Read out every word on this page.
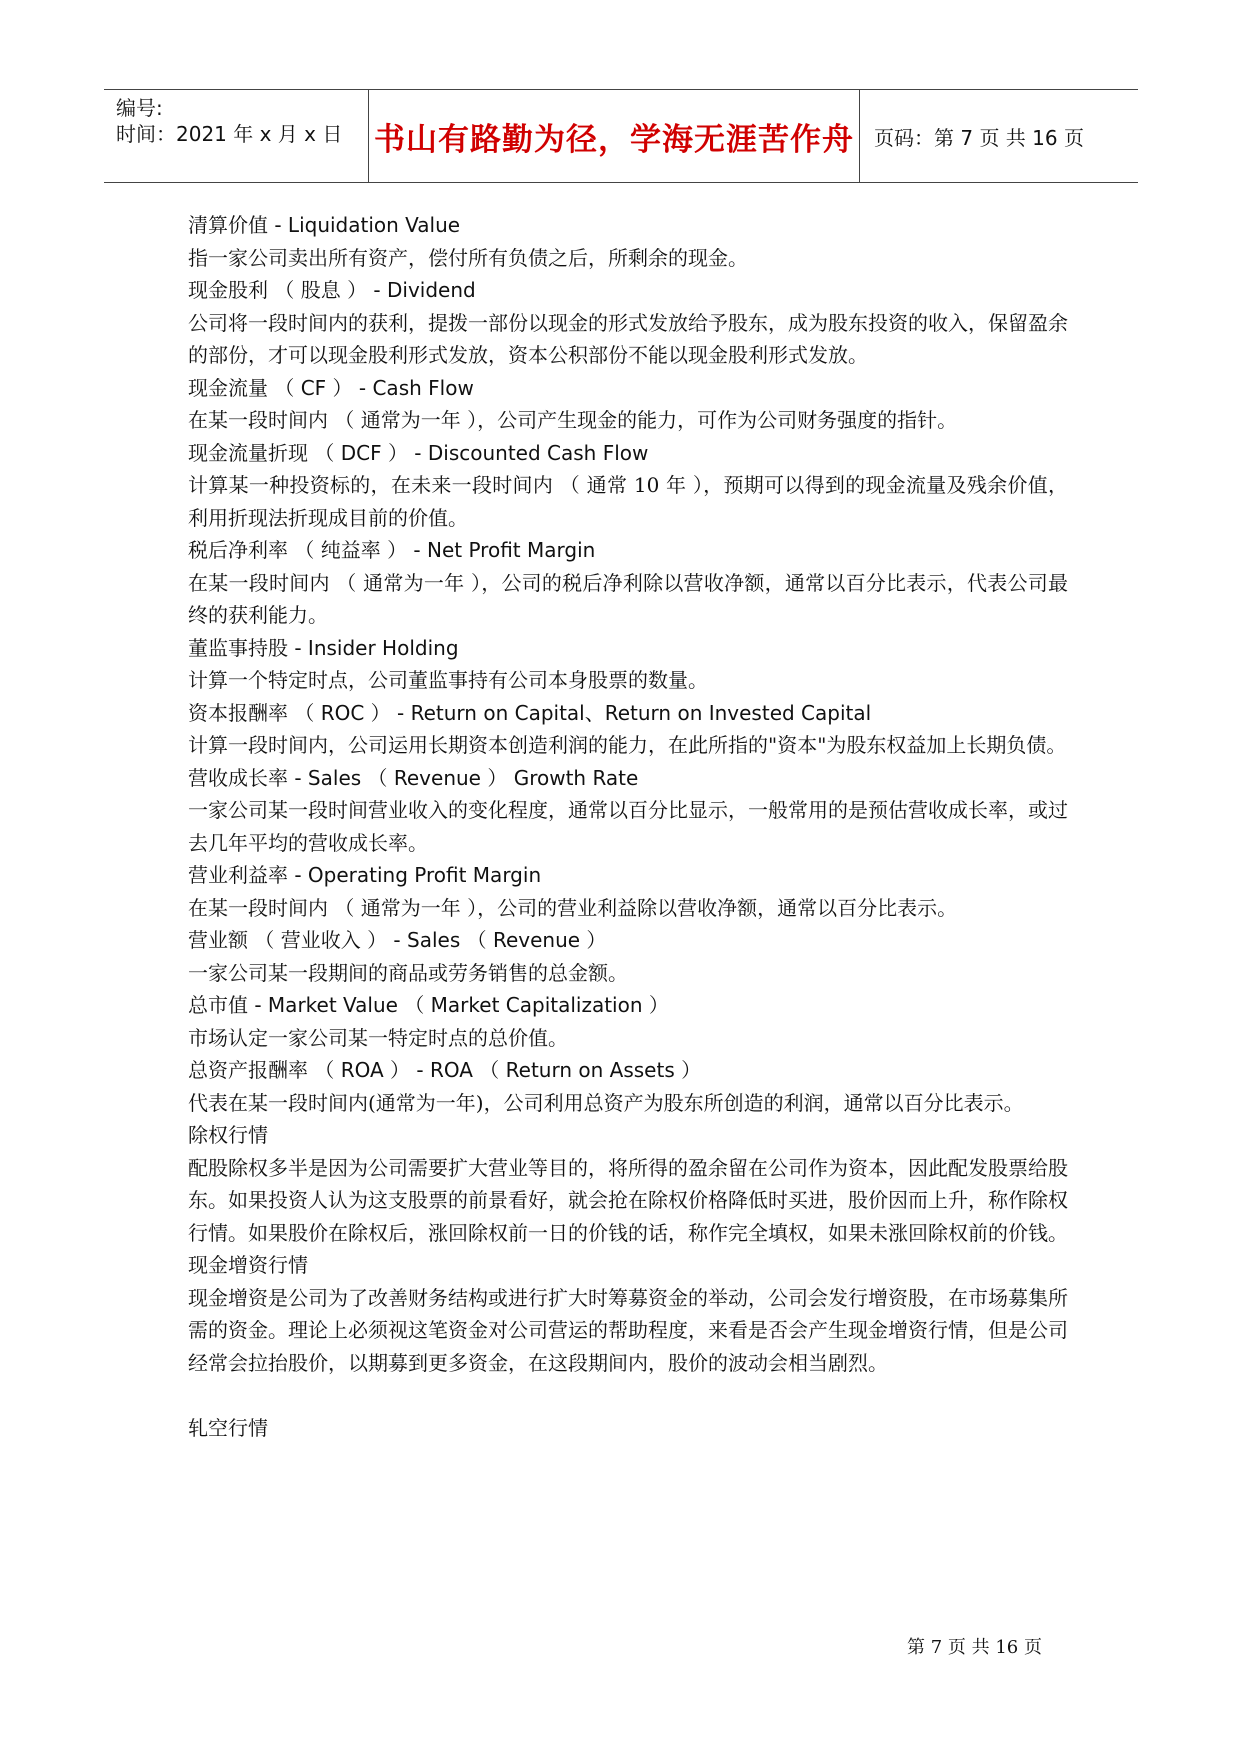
编号:
时间：2021 年 x 月 x 日 书山有路勤为径，学海无涯苦作舟 页码：第 7 页 共 16 页
清算价值 - Liquidation Value
指一家公司卖出所有资产，偿付所有负债之后，所剩余的现金。
现金股利 （ 股息 ） - Dividend
公司将一段时间内的获利，提拨一部份以现金的形式发放给予股东，成为股东投资的收入，保留盈余的部份，才可以现金股利形式发放，资本公积部份不能以现金股利形式发放。
现金流量 （ CF ） - Cash Flow
在某一段时间内 （ 通常为一年 ），公司产生现金的能力，可作为公司财务强度的指针。
现金流量折现 （ DCF ） - Discounted Cash Flow
计算某一种投资标的，在未来一段时间内 （ 通常 10 年 ），预期可以得到的现金流量及残余价值，利用折现法折现成目前的价值。
税后净利率 （ 纯益率 ） - Net Profit Margin
在某一段时间内 （ 通常为一年 ），公司的税后净利除以营收净额，通常以百分比表示，代表公司最终的获利能力。
董监事持股 - Insider Holding
计算一个特定时点，公司董监事持有公司本身股票的数量。
资本报酬率 （ ROC ） - Return on Capital、Return on Invested Capital
计算一段时间内，公司运用长期资本创造利润的能力，在此所指的"资本"为股东权益加上长期负债。
营收成长率 - Sales （ Revenue ） Growth Rate
一家公司某一段时间营业收入的变化程度，通常以百分比显示，一般常用的是预估营收成长率，或过去几年平均的营收成长率。
营业利益率 - Operating Profit Margin
在某一段时间内 （ 通常为一年 ），公司的营业利益除以营收净额，通常以百分比表示。
营业额 （ 营业收入 ） - Sales （ Revenue ）
一家公司某一段期间的商品或劳务销售的总金额。
总市值 - Market Value （ Market Capitalization ）
市场认定一家公司某一特定时点的总价值。
总资产报酬率 （ ROA ） - ROA （ Return on Assets ）
代表在某一段时间内(通常为一年)，公司利用总资产为股东所创造的利润，通常以百分比表示。
除权行情
配股除权多半是因为公司需要扩大营业等目的，将所得的盈余留在公司作为资本，因此配发股票给股东。如果投资人认为这支股票的前景看好，就会抢在除权价格降低时买进，股价因而上升，称作除权行情。如果股价在除权后，涨回除权前一日的价钱的话，称作完全填权，如果未涨回除权前的价钱。
现金增资行情
现金增资是公司为了改善财务结构或进行扩大时筹募资金的举动，公司会发行增资股，在市场募集所需的资金。理论上必须视这笔资金对公司营运的帮助程度，来看是否会产生现金增资行情，但是公司经常会拉抬股价，以期募到更多资金，在这段期间内，股价的波动会相当剧烈。
轧空行情
第 7 页 共 16 页
